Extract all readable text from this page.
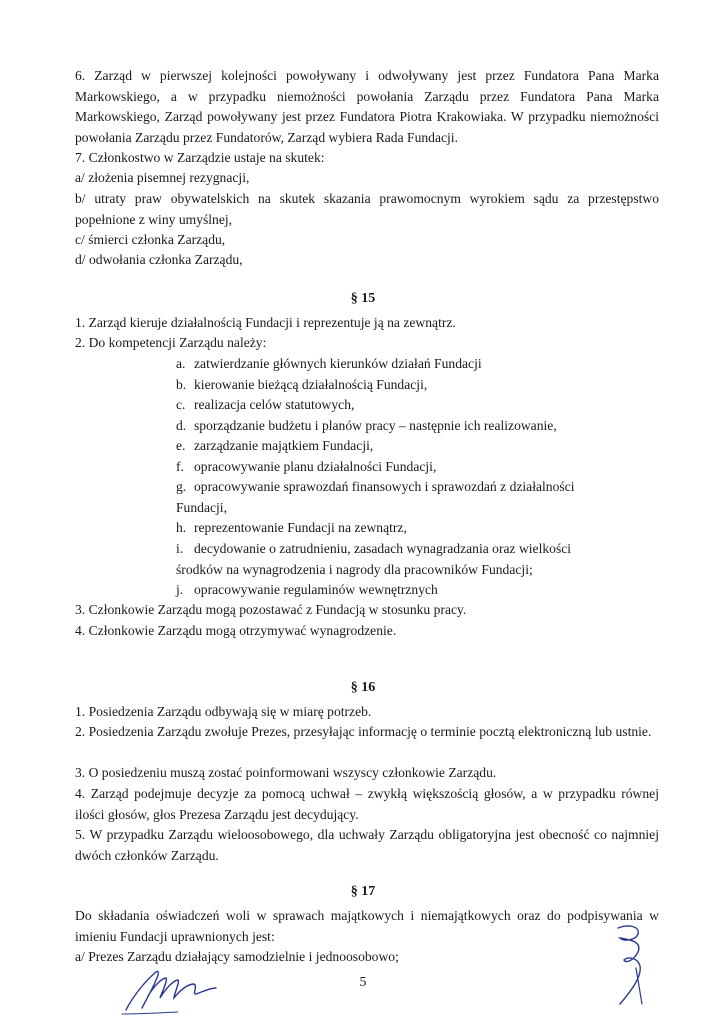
6. Zarząd w pierwszej kolejności powoływany i odwoływany jest przez Fundatora Pana Marka Markowskiego, a w przypadku niemożności powołania Zarządu przez Fundatora Pana Marka Markowskiego, Zarząd powoływany jest przez Fundatora Piotra Krakowiaka. W przypadku niemożności powołania Zarządu przez Fundatorów, Zarząd wybiera Rada Fundacji.

7. Członkostwo w Zarządzie ustaje na skutek:

a/ złożenia pisemnej rezygnacji,

b/ utraty praw obywatelskich na skutek skazania prawomocnym wyrokiem sądu za przestępstwo popełnione z winy umyślnej,

c/ śmierci członka Zarządu,

d/ odwołania członka Zarządu,

§ 15

1. Zarząd kieruje działalnością Fundacji i reprezentuje ją na zewnątrz.

2. Do kompetencji Zarządu należy:

a. zatwierdzanie głównych kierunków działań Fundacji
b. kierowanie bieżącą działalnością Fundacji,
c. realizacja celów statutowych,
d. sporządzanie budżetu i planów pracy – następnie ich realizowanie,
e. zarządzanie majątkiem Fundacji,
f. opracowywanie planu działalności Fundacji,
g. opracowywanie sprawozdań finansowych i sprawozdań z działalności
Fundacji,
h. reprezentowanie Fundacji na zewnątrz,
i. decydowanie o zatrudnieniu, zasadach wynagradzania oraz wielkości
środków na wynagrodzenia i nagrody dla pracowników Fundacji;
j. opracowywanie regulaminów wewnętrznych

3. Członkowie Zarządu mogą pozostawać z Fundacją w stosunku pracy.

4. Członkowie Zarządu mogą otrzymywać wynagrodzenie.

§ 16

1. Posiedzenia Zarządu odbywają się w miarę potrzeb.

2. Posiedzenia Zarządu zwołuje Prezes, przesyłając informację o terminie pocztą elektroniczną lub ustnie.

3. O posiedzeniu muszą zostać poinformowani wszyscy członkowie Zarządu.

4. Zarząd podejmuje decyzje za pomocą uchwał – zwykłą większością głosów, a w przypadku równej ilości głosów, głos Prezesa Zarządu jest decydujący.

5. W przypadku Zarządu wieloosobowego, dla uchwały Zarządu obligatoryjna jest obecność co najmniej dwóch członków Zarządu.

§ 17

Do składania oświadczeń woli w sprawach majątkowych i niemajątkowych oraz do podpisywania w imieniu Fundacji uprawnionych jest:

a/ Prezes Zarządu działający samodzielnie i jednoosobowo;

5
